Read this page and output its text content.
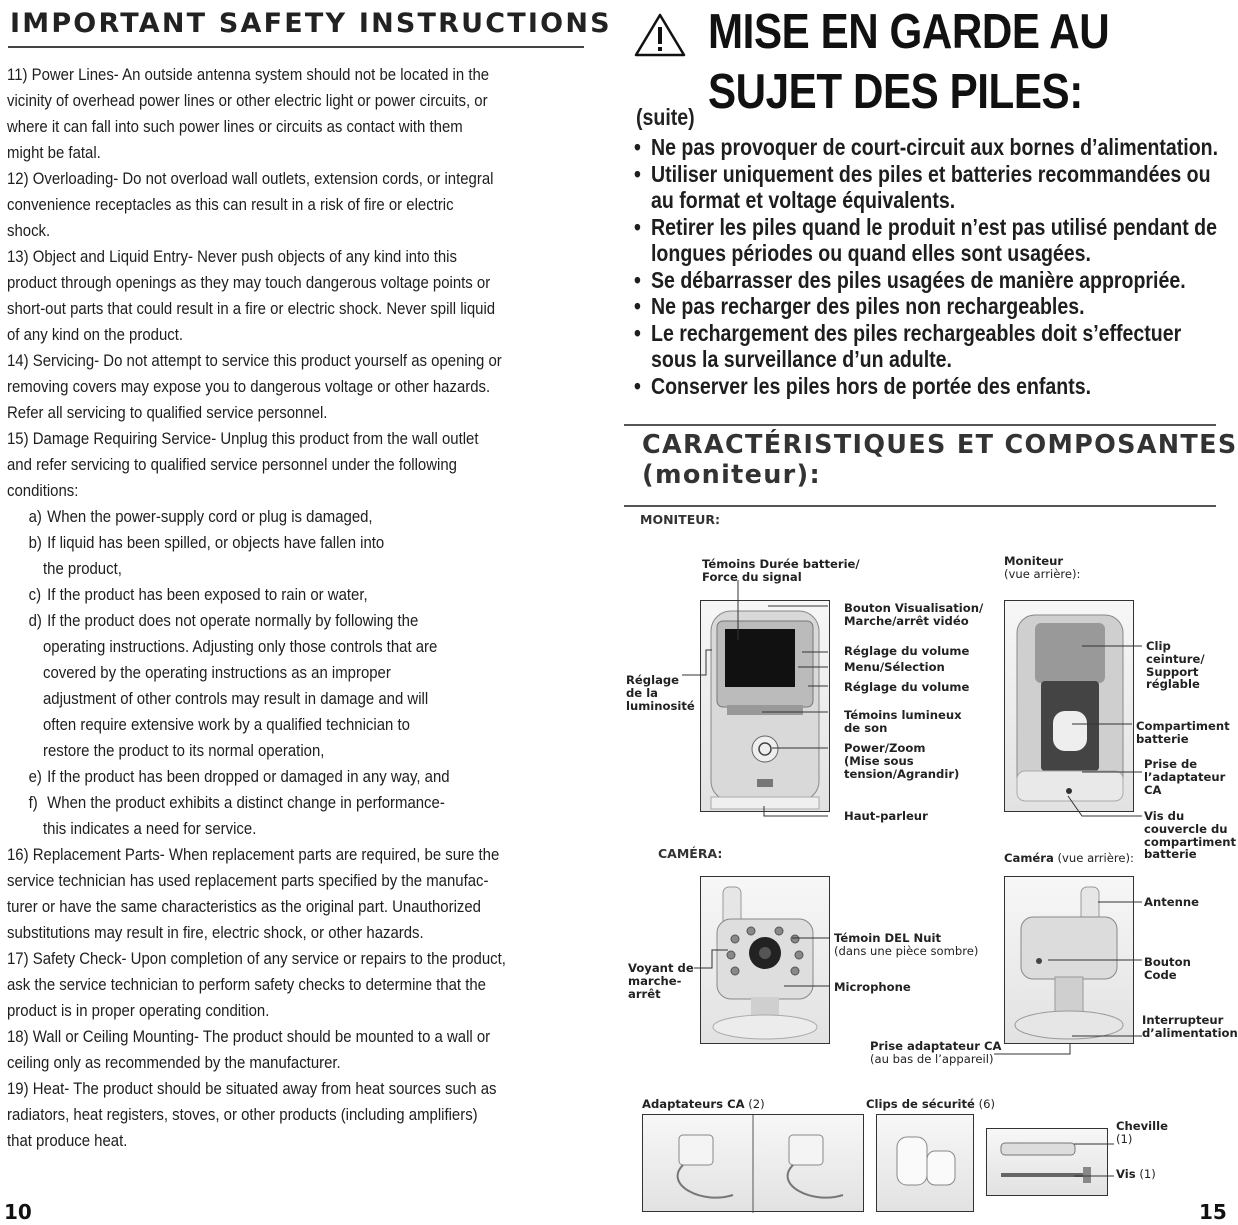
IMPORTANT SAFETY INSTRUCTIONS
11) Power Lines- An outside antenna system should not be located in the
vicinity of overhead power lines or other electric light or power circuits, or
where it can fall into such power lines or circuits as contact with them
might be fatal.
12) Overloading- Do not overload wall outlets, extension cords, or integral
convenience receptacles as this can result in a risk of fire or electric
shock.
13) Object and Liquid Entry- Never push objects of any kind into this
product through openings as they may touch dangerous voltage points or
short-out parts that could result in a fire or electric shock. Never spill liquid
of any kind on the product.
14) Servicing- Do not attempt to service this product yourself as opening or
removing covers may expose you to dangerous voltage or other hazards.
Refer all servicing to qualified service personnel.
15) Damage Requiring Service- Unplug this product from the wall outlet
and refer servicing to qualified service personnel under the following
conditions:
a) When the power-supply cord or plug is damaged,
b) If liquid has been spilled, or objects have fallen into
the product,
c) If the product has been exposed to rain or water,
d) If the product does not operate normally by following the
operating instructions. Adjusting only those controls that are
covered by the operating instructions as an improper
adjustment of other controls may result in damage and will
often require extensive work by a qualified technician to
restore the product to its normal operation,
e) If the product has been dropped or damaged in any way, and
f) When the product exhibits a distinct change in performance-
this indicates a need for service.
16) Replacement Parts- When replacement parts are required, be sure the
service technician has used replacement parts specified by the manufac-
turer or have the same characteristics as the original part. Unauthorized
substitutions may result in fire, electric shock, or other hazards.
17) Safety Check- Upon completion of any service or repairs to the product,
ask the service technician to perform safety checks to determine that the
product is in proper operating condition.
18) Wall or Ceiling Mounting- The product should be mounted to a wall or
ceiling only as recommended by the manufacturer.
19) Heat- The product should be situated away from heat sources such as
radiators, heat registers, stoves, or other products (including amplifiers)
that produce heat.
10
MISE EN GARDE AU
SUJET DES PILES:
(suite)
• Ne pas provoquer de court-circuit aux bornes d’alimentation.
• Utiliser uniquement des piles et batteries recommandées ou au format et voltage équivalents.
• Retirer les piles quand le produit n’est pas utilisé pendant de longues périodes ou quand elles sont usagées.
• Se débarrasser des piles usagées de manière appropriée.
• Ne pas recharger des piles non rechargeables.
• Le rechargement des piles rechargeables doit s’effectuer sous la surveillance d’un adulte.
• Conserver les piles hors de portée des enfants.
CARACTÉRISTIQUES ET COMPOSANTES
(moniteur):
MONITEUR:
CAMÉRA:
Témoins Durée batterie/
Force du signal
Bouton Visualisation/
Marche/arrêt vidéo
Réglage du volume
Menu/Sélection
Réglage du volume
Témoins lumineux
de son
Power/Zoom
(Mise sous
tension/Agrandir)
Haut-parleur
Réglage
de la
luminosité
Moniteur
(vue arrière):
Clip
ceinture/
Support
réglable
Compartiment
batterie
Prise de
l’adaptateur
CA
Vis du
couvercle du
compartiment
batterie
Caméra (vue arrière):
Antenne
Bouton
Code
Interrupteur
d’alimentation
Témoin DEL Nuit
(dans une pièce sombre)
Microphone
Voyant de
marche-
arrêt
Prise adaptateur CA
(au bas de l’appareil)
Adaptateurs CA (2)	Clips de sécurité (6)
Cheville
(1)
Vis (1)
15
